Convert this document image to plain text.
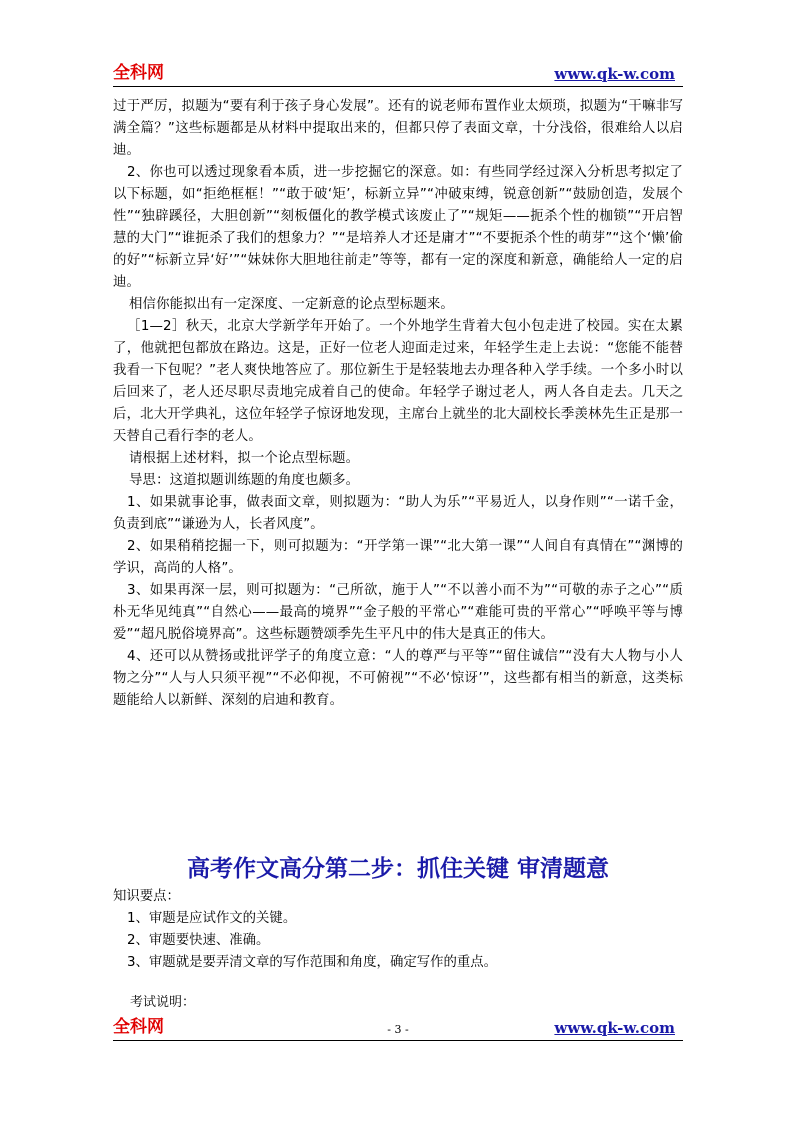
全科网	www.qk-w.com

过于严厉，拟题为“要有利于孩子身心发展”。还有的说老师布置作业太烦琐，拟题为“干嘛非写满全篇？”这些标题都是从材料中提取出来的，但都只停了表面文章，十分浅俗，很难给人以启迪。

2、你也可以透过现象看本质，进一步挖掘它的深意。如：有些同学经过深入分析思考拟定了以下标题，如“拒绝框框！”“敢于破‘矩’，标新立异”“冲破束缚，锐意创新”“鼓励创造，发展个性”“独辟蹊径，大胆创新”“刻板僵化的教学模式该废止了”“规矩——扼杀个性的枷锁”“开启智慧的大门”“谁扼杀了我们的想象力？”“是培养人才还是庸才”“不要扼杀个性的萌芽”“这个‘懒’偷的好”“标新立异‘好’”“妹妹你大胆地往前走”等等，都有一定的深度和新意，确能给人一定的启迪。

相信你能拟出有一定深度、一定新意的论点型标题来。

［1—2］秋天，北京大学新学年开始了。一个外地学生背着大包小包走进了校园。实在太累了，他就把包都放在路边。这是，正好一位老人迎面走过来，年轻学生走上去说：“您能不能替我看一下包呢？”老人爽快地答应了。那位新生于是轻装地去办理各种入学手续。一个多小时以后回来了，老人还尽职尽责地完成着自己的使命。年轻学子谢过老人，两人各自走去。几天之后，北大开学典礼，这位年轻学子惊讶地发现，主席台上就坐的北大副校长季羡林先生正是那一天替自己看行李的老人。

请根据上述材料，拟一个论点型标题。

导思：这道拟题训练题的角度也颇多。

1、如果就事论事，做表面文章，则拟题为：“助人为乐”“平易近人，以身作则”“一诺千金，负责到底”“谦逊为人，长者风度”。

2、如果稍稍挖掘一下，则可拟题为：“开学第一课”“北大第一课”“人间自有真情在”“渊博的学识，高尚的人格”。

3、如果再深一层，则可拟题为：“己所欲，施于人”“不以善小而不为”“可敬的赤子之心”“质朴无华见纯真”“自然心——最高的境界”“金子般的平常心”“难能可贵的平常心”“呼唤平等与博爱”“超凡脱俗境界高”。这些标题赞颂季先生平凡中的伟大是真正的伟大。

4、还可以从赞扬或批评学子的角度立意：“人的尊严与平等”“留住诚信”“没有大人物与小人物之分”“人与人只须平视”“不必仰视，不可俯视”“不必‘惊讶’”，这些都有相当的新意，这类标题能给人以新鲜、深刻的启迪和教育。

高考作文高分第二步：抓住关键 审清题意

知识要点：

1、审题是应试作文的关键。

2、审题要快速、准确。

3、审题就是要弄清文章的写作范围和角度，确定写作的重点。

考试说明：
全科网	- 3 -	www.qk-w.com
